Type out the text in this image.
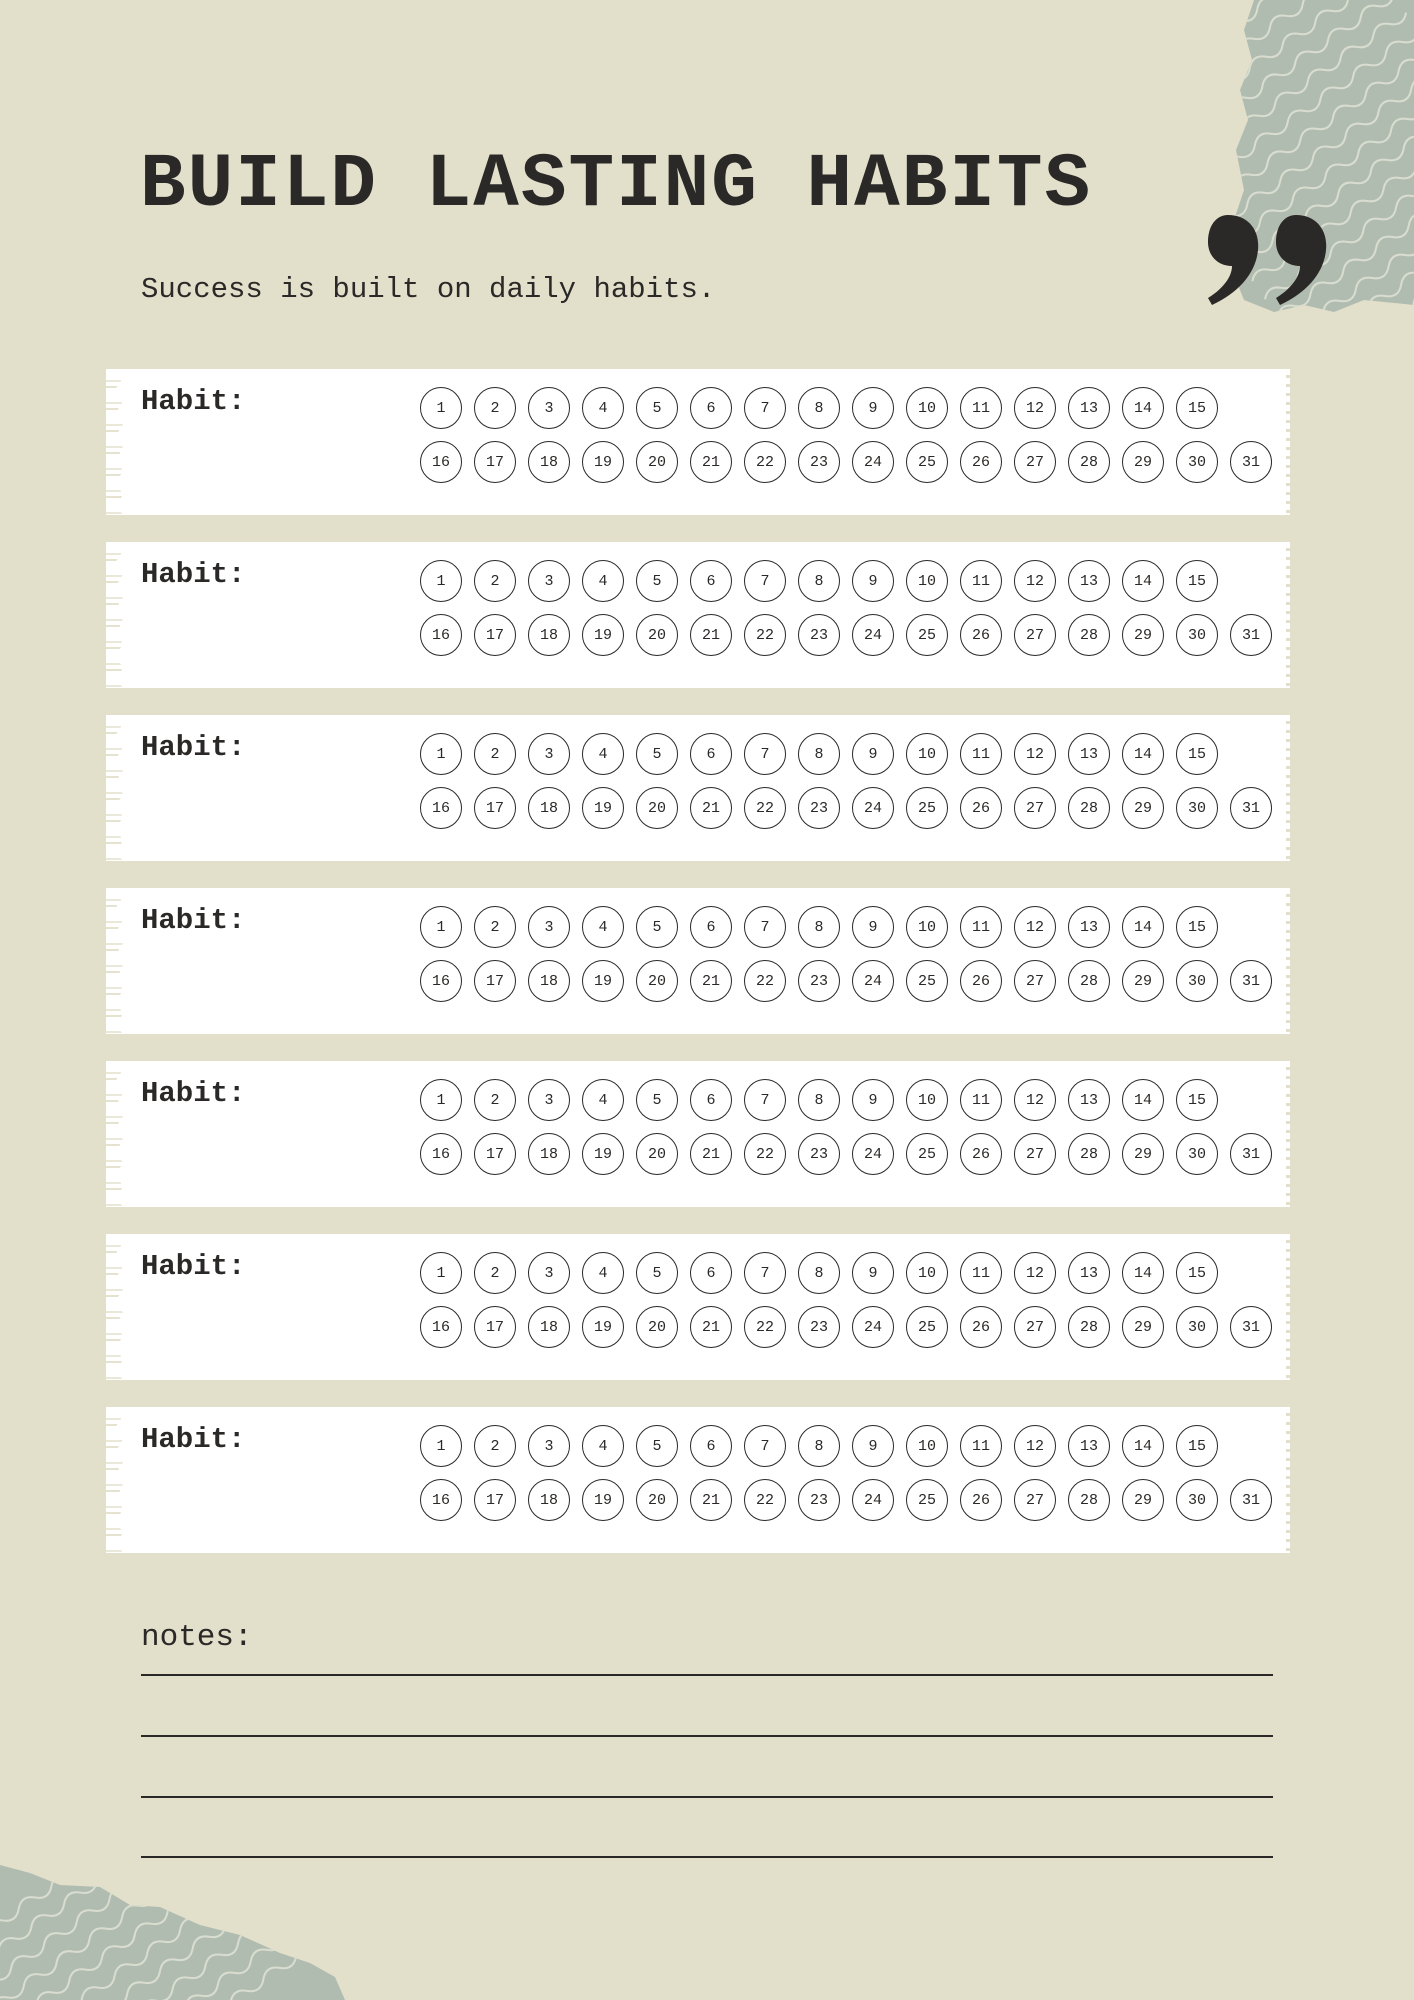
BUILD LASTING HABITS

Success is built on daily habits.

Habit:	1	2	3	4	5	6	7	8	9	10	11	12	13	14	15
16	17	18	19	20	21	22	23	24	25	26	27	28	29	30	31
Habit:	1	2	3	4	5	6	7	8	9	10	11	12	13	14	15
16	17	18	19	20	21	22	23	24	25	26	27	28	29	30	31
Habit:	1	2	3	4	5	6	7	8	9	10	11	12	13	14	15
16	17	18	19	20	21	22	23	24	25	26	27	28	29	30	31
Habit:	1	2	3	4	5	6	7	8	9	10	11	12	13	14	15
16	17	18	19	20	21	22	23	24	25	26	27	28	29	30	31
Habit:	1	2	3	4	5	6	7	8	9	10	11	12	13	14	15
16	17	18	19	20	21	22	23	24	25	26	27	28	29	30	31
Habit:	1	2	3	4	5	6	7	8	9	10	11	12	13	14	15
16	17	18	19	20	21	22	23	24	25	26	27	28	29	30	31
Habit:	1	2	3	4	5	6	7	8	9	10	11	12	13	14	15
16	17	18	19	20	21	22	23	24	25	26	27	28	29	30	31

notes:
